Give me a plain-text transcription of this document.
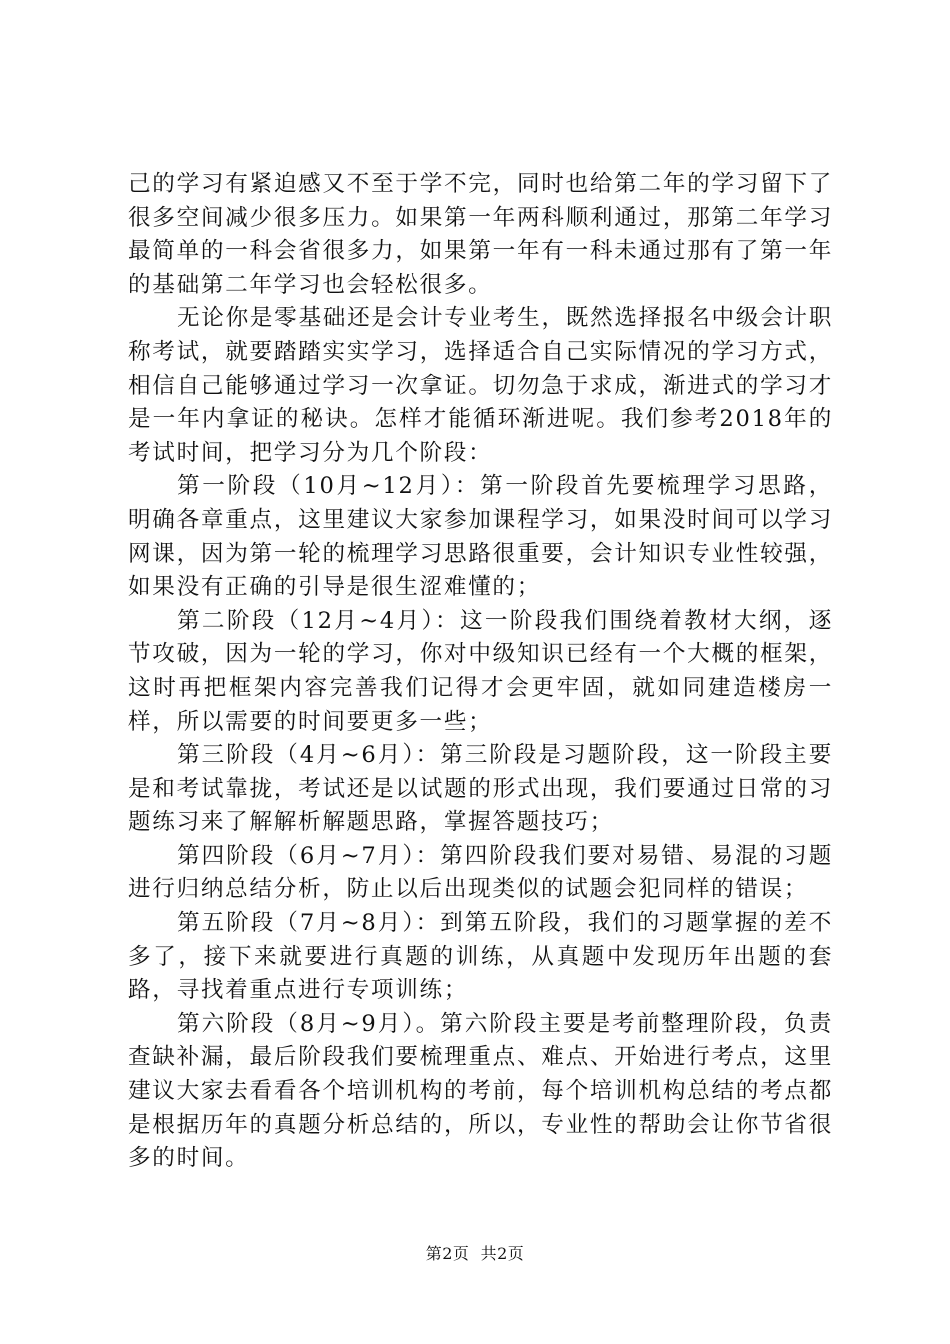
己的学习有紧迫感又不至于学不完，同时也给第二年的学习留下了很多空间减少很多压力。如果第一年两科顺利通过，那第二年学习最简单的一科会省很多力，如果第一年有一科未通过那有了第一年的基础第二年学习也会轻松很多。

无论你是零基础还是会计专业考生，既然选择报名中级会计职称考试，就要踏踏实实学习，选择适合自己实际情况的学习方式，相信自己能够通过学习一次拿证。切勿急于求成，渐进式的学习才是一年内拿证的秘诀。怎样才能循环渐进呢。我们参考2018年的考试时间，把学习分为几个阶段：

第一阶段（10月~12月）：第一阶段首先要梳理学习思路，明确各章重点，这里建议大家参加课程学习，如果没时间可以学习网课，因为第一轮的梳理学习思路很重要，会计知识专业性较强，如果没有正确的引导是很生涩难懂的；

第二阶段（12月~4月）：这一阶段我们围绕着教材大纲，逐节攻破，因为一轮的学习，你对中级知识已经有一个大概的框架，这时再把框架内容完善我们记得才会更牢固，就如同建造楼房一样，所以需要的时间要更多一些；

第三阶段（4月~6月）：第三阶段是习题阶段，这一阶段主要是和考试靠拢，考试还是以试题的形式出现，我们要通过日常的习题练习来了解解析解题思路，掌握答题技巧；

第四阶段（6月~7月）：第四阶段我们要对易错、易混的习题进行归纳总结分析，防止以后出现类似的试题会犯同样的错误；

第五阶段（7月~8月）：到第五阶段，我们的习题掌握的差不多了，接下来就要进行真题的训练，从真题中发现历年出题的套路，寻找着重点进行专项训练；

第六阶段（8月~9月）。第六阶段主要是考前整理阶段，负责查缺补漏，最后阶段我们要梳理重点、难点、开始进行考点，这里建议大家去看看各个培训机构的考前，每个培训机构总结的考点都是根据历年的真题分析总结的，所以，专业性的帮助会让你节省很多的时间。

第2页  共2页
